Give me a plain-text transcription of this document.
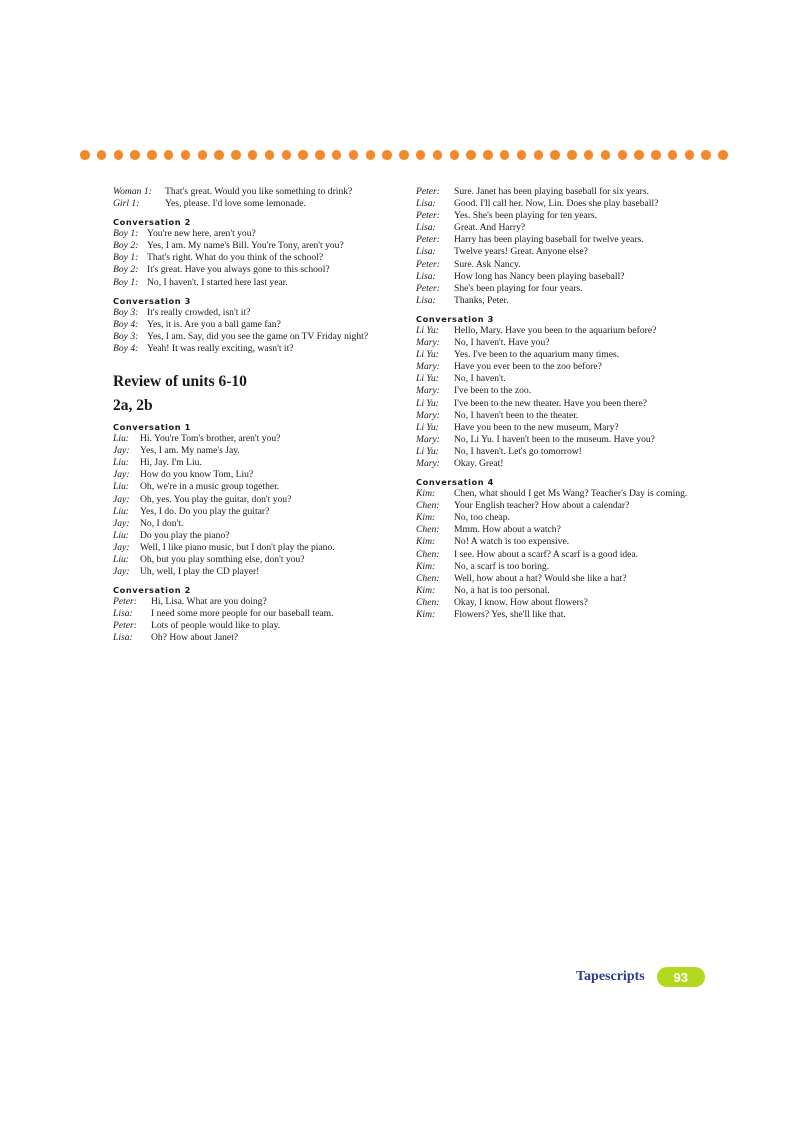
Woman 1:	That's great. Would you like something to drink?
Girl 1:	Yes, please. I'd love some lemonade.
Conversation 2
Boy 1: You're new here, aren't you?
Boy 2: Yes, I am. My name's Bill. You're Tony, aren't you?
Boy 1: That's right. What do you think of the school?
Boy 2: It's great. Have you always gone to this school?
Boy 1: No, I haven't. I started here last year.
Conversation 3
Boy 3: It's really crowded, isn't it?
Boy 4: Yes, it is. Are you a ball game fan?
Boy 3: Yes, I am. Say, did you see the game on TV Friday night?
Boy 4: Yeah! It was really exciting, wasn't it?
Review of units 6-10
2a, 2b
Conversation 1
Liu:	Hi. You're Tom's brother, aren't you?
Jay:	Yes, I am. My name's Jay.
Liu:	Hi, Jay. I'm Liu.
Jay:	How do you know Tom, Liu?
Liu:	Oh, we're in a music group together.
Jay:	Oh, yes. You play the guitar, don't you?
Liu:	Yes, I do. Do you play the guitar?
Jay:	No, I don't.
Liu:	Do you play the piano?
Jay:	Well, I like piano music, but I don't play the piano.
Liu:	Oh, but you play somthing else, don't you?
Jay:	Uh, well, I play the CD player!
Conversation 2
Peter:	Hi, Lisa. What are you doing?
Lisa:	I need some more people for our baseball team.
Peter:	Lots of people would like to play.
Lisa:	Oh? How about Janet?
Peter:	Sure. Janet has been playing baseball for six years.
Lisa:	Good. I'll call her. Now, Lin. Does she play baseball?
Peter:	Yes. She's been playing for ten years.
Lisa:	Great. And Harry?
Peter:	Harry has been playing baseball for twelve years.
Lisa:	Twelve years! Great. Anyone else?
Peter:	Sure. Ask Nancy.
Lisa:	How long has Nancy been playing baseball?
Peter:	She's been playing for four years.
Lisa:	Thanks, Peter.
Conversation 3
Li Yu:	Hello, Mary. Have you been to the aquarium before?
Mary:	No, I haven't. Have you?
Li Yu:	Yes. I've been to the aquarium many times.
Mary:	Have you ever been to the zoo before?
Li Yu:	No, I haven't.
Mary:	I've been to the zoo.
Li Yu:	I've been to the new theater. Have you been there?
Mary:	No, I haven't been to the theater.
Li Yu:	Have you been to the new museum, Mary?
Mary:	No, Li Yu. I haven't been to the museum. Have you?
Li Yu:	No, I haven't. Let's go tomorrow!
Mary:	Okay. Great!
Conversation 4
Kim:	Chen, what should I get Ms Wang? Teacher's Day is coming.
Chen:	Your English teacher? How about a calendar?
Kim:	No, too cheap.
Chen:	Mmm. How about a watch?
Kim:	No! A watch is too expensive.
Chen:	I see. How about a scarf? A scarf is a good idea.
Kim:	No, a scarf is too boring.
Chen:	Well, how about a hat? Would she like a hat?
Kim:	No, a hat is too personal.
Chen:	Okay, I know. How about flowers?
Kim:	Flowers? Yes, she'll like that.
Tapescripts	93
